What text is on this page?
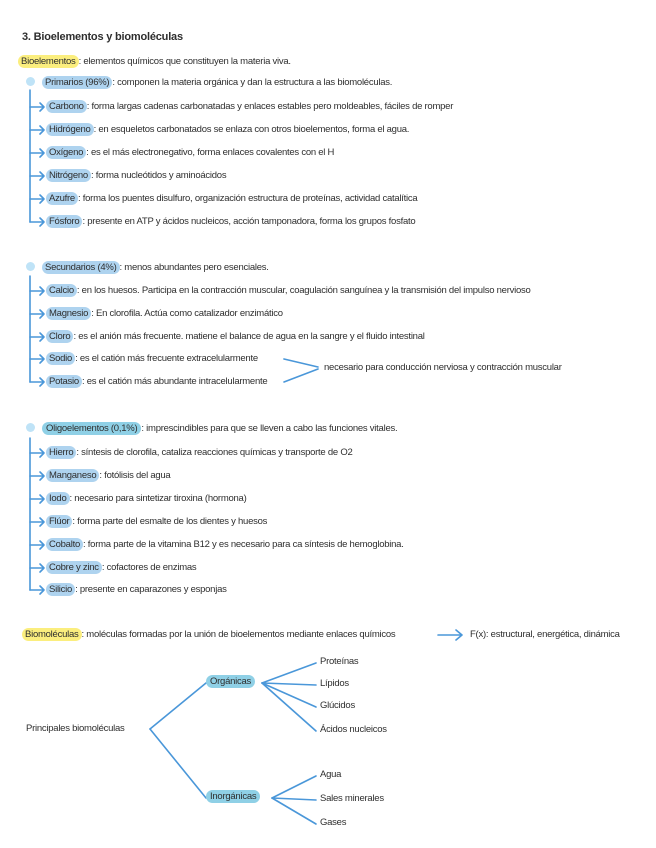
3. Bioelementos y biomoléculas
Bioelementos : elementos químicos que constituyen la materia viva.
Primarios (96%) : componen la materia orgánica y dan la estructura a las biomoléculas.
Carbono : forma largas cadenas carbonatadas y enlaces estables pero moldeables, fáciles de romper
Hidrógeno : en esqueletos carbonatados se enlaza con otros bioelementos, forma el agua.
Oxígeno : es el más electronegativo, forma enlaces covalentes con el H
Nitrógeno : forma nucleótidos y aminoácidos
Azufre : forma los puentes disulfuro, organización estructura de proteínas, actividad catalítica
Fósforo : presente en ATP y ácidos nucleicos, acción tamponadora, forma los grupos fosfato
Secundarios (4%) : menos abundantes pero esenciales.
Calcio : en los huesos. Participa en la contracción muscular, coagulación sanguínea y la transmisión del impulso nervioso
Magnesio : En clorofila. Actúa como catalizador enzimático
Cloro : es el anión más frecuente. matiene el balance de agua en la sangre y el fluido intestinal
Sodio : es el catión más frecuente extracelularmente
Potasio : es el catión más abundante intracelularmente
necesario para conducción nerviosa y contracción muscular
Oligoelementos (0,1%) : imprescindibles para que se lleven a cabo las funciones vitales.
Hierro : síntesis de clorofila, cataliza reacciones químicas y transporte de O2
Manganeso : fotólisis del agua
Iodo : necesario para sintetizar tiroxina (hormona)
Flúor : forma parte del esmalte de los dientes y huesos
Cobalto : forma parte de la vitamina B12 y es necesario para ca síntesis de hemoglobina.
Cobre y zinc : cofactores de enzimas
Silicio : presente en caparazones y esponjas
Biomoléculas : moléculas formadas por la unión de bioelementos mediante enlaces químicos	F(x): estructural, energética, dinámica
Principales biomoléculas
Orgánicas
Inorgánicas
Proteínas
Lípidos
Glúcidos
Ácidos nucleicos
Agua
Sales minerales
Gases
